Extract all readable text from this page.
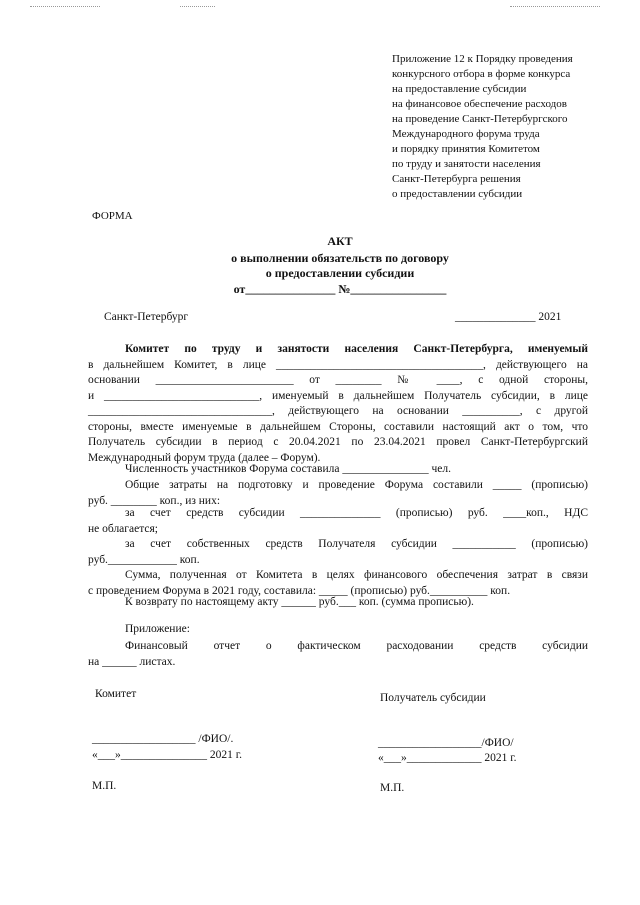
Приложение 12 к Порядку проведения
конкурсного отбора в форме конкурса
на предоставление субсидии
на финансовое обеспечение расходов
на проведение Санкт-Петербургского
Международного форума труда
и порядку принятия Комитетом
по труду и занятости населения
Санкт-Петербурга решения
о предоставлении субсидии
ФОРМА
АКТ
о выполнении обязательств по договору
о предоставлении субсидии
от_______________ №________________
Санкт-Петербург	______________ 2021
Комитет по труду и занятости населения Санкт-Петербурга, именуемый
в дальнейшем Комитет, в лице ____________________________________, действующего на
основании ________________________ от ________ № ____, с одной стороны,
и ___________________________, именуемый в дальнейшем Получатель субсидии, в лице
________________________________, действующего на основании __________, с другой
стороны, вместе именуемые в дальнейшем Стороны, составили настоящий акт о том, что
Получатель субсидии в период с 20.04.2021 по 23.04.2021 провел Санкт-Петербургский
Международный форум труда (далее – Форум).
Численность участников Форума составила _______________ чел.
Общие затраты на подготовку и проведение Форума составили _____ (прописью)
руб. ________ коп., из них:
за счет средств субсидии ______________ (прописью) руб. ____коп., НДС
не облагается;
за счет собственных средств Получателя субсидии ___________ (прописью)
руб.____________ коп.
Сумма, полученная от Комитета в целях финансового обеспечения затрат в связи
с проведением Форума в 2021 году, составила: _____ (прописью) руб.__________ коп.
К возврату по настоящему акту ______ руб.___ коп. (сумма прописью).
Приложение:
Финансовый отчет о фактическом расходовании средств субсидии
на ______ листах.
Комитет	Получатель субсидии
__________________ /ФИО/.
«___»_______________ 2021 г.
__________________/ФИО/
«___»_____________ 2021 г.
М.П.	М.П.
